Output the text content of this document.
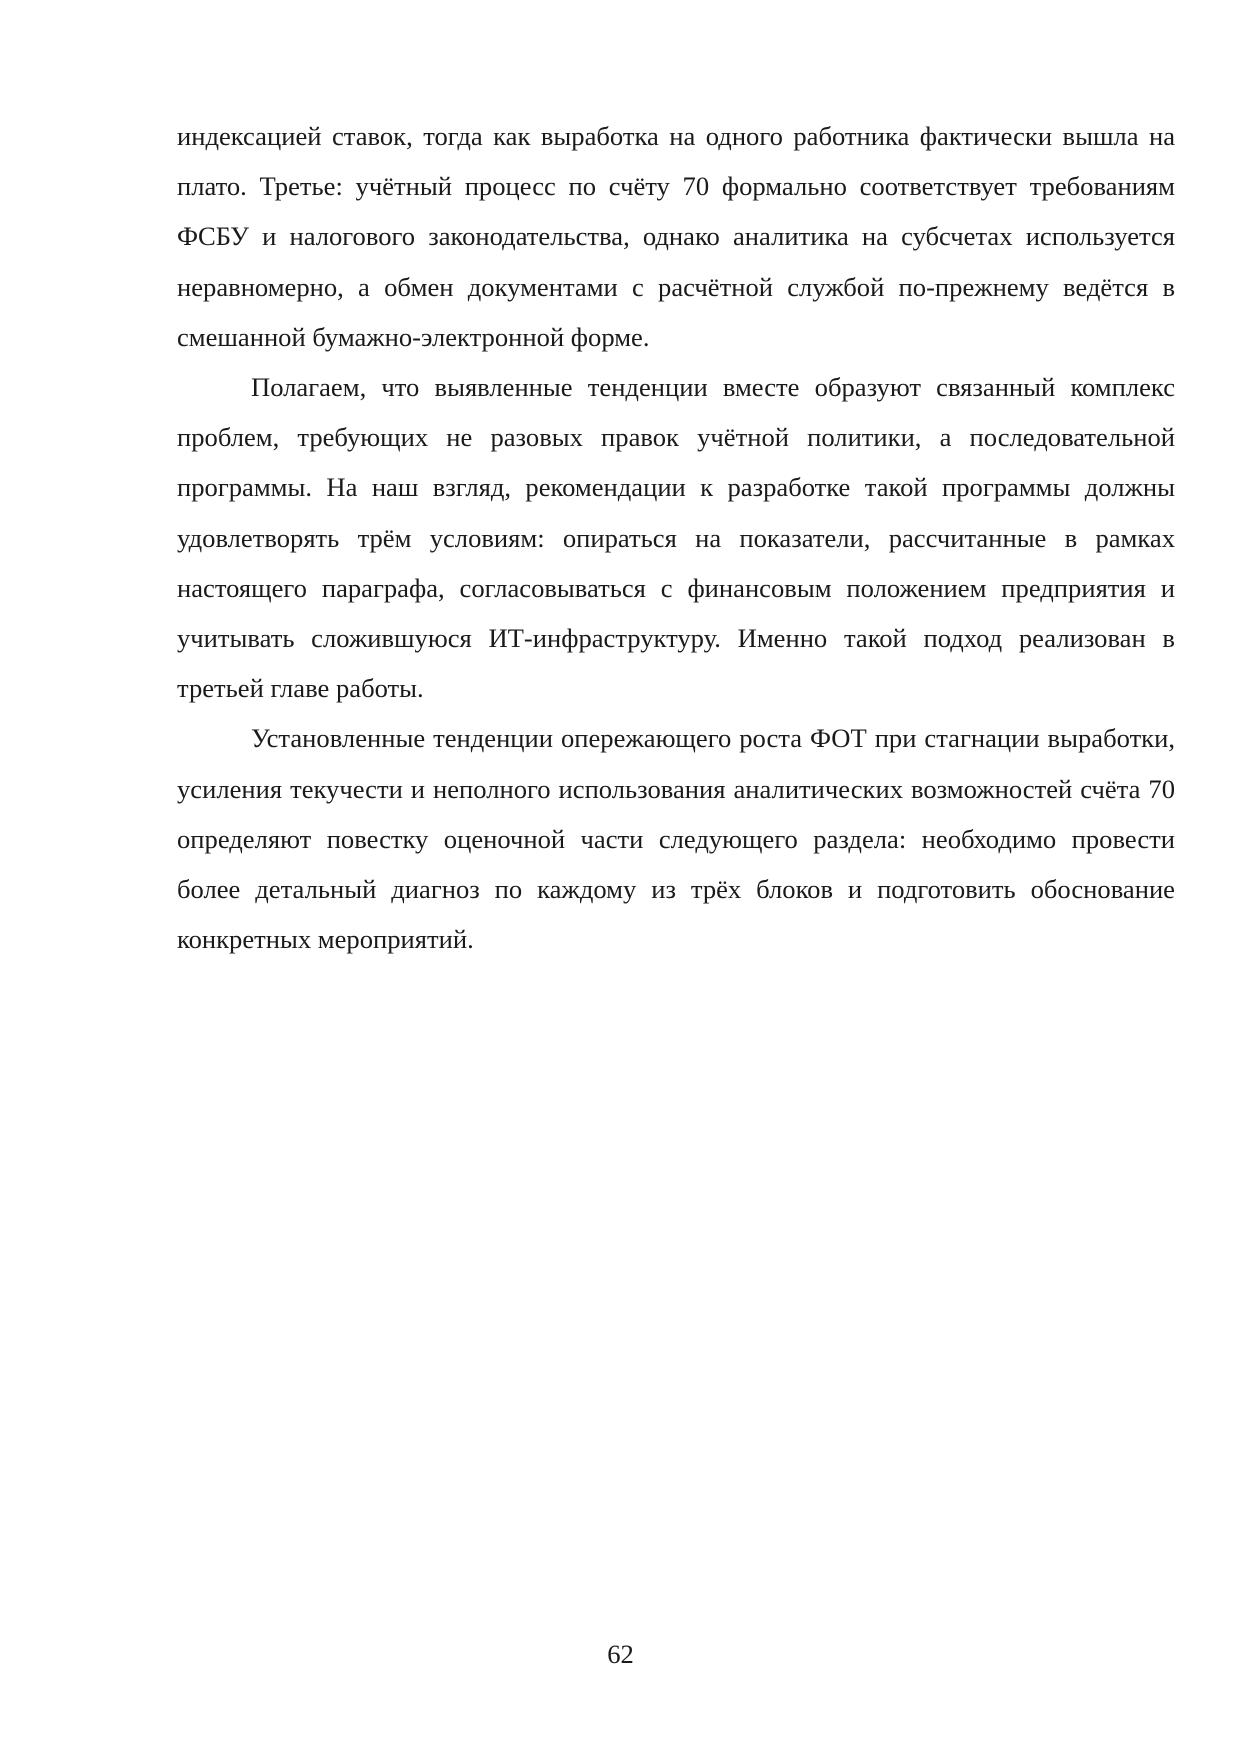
индексацией ставок, тогда как выработка на одного работника фактически вышла на плато. Третье: учётный процесс по счёту 70 формально соответствует требованиям ФСБУ и налогового законодательства, однако аналитика на субсчетах используется неравномерно, а обмен документами с расчётной службой по-прежнему ведётся в смешанной бумажно-электронной форме.

Полагаем, что выявленные тенденции вместе образуют связанный комплекс проблем, требующих не разовых правок учётной политики, а последовательной программы. На наш взгляд, рекомендации к разработке такой программы должны удовлетворять трём условиям: опираться на показатели, рассчитанные в рамках настоящего параграфа, согласовываться с финансовым положением предприятия и учитывать сложившуюся ИТ-инфраструктуру. Именно такой подход реализован в третьей главе работы.

Установленные тенденции опережающего роста ФОТ при стагнации выработки, усиления текучести и неполного использования аналитических возможностей счёта 70 определяют повестку оценочной части следующего раздела: необходимо провести более детальный диагноз по каждому из трёх блоков и подготовить обоснование конкретных мероприятий.

62
